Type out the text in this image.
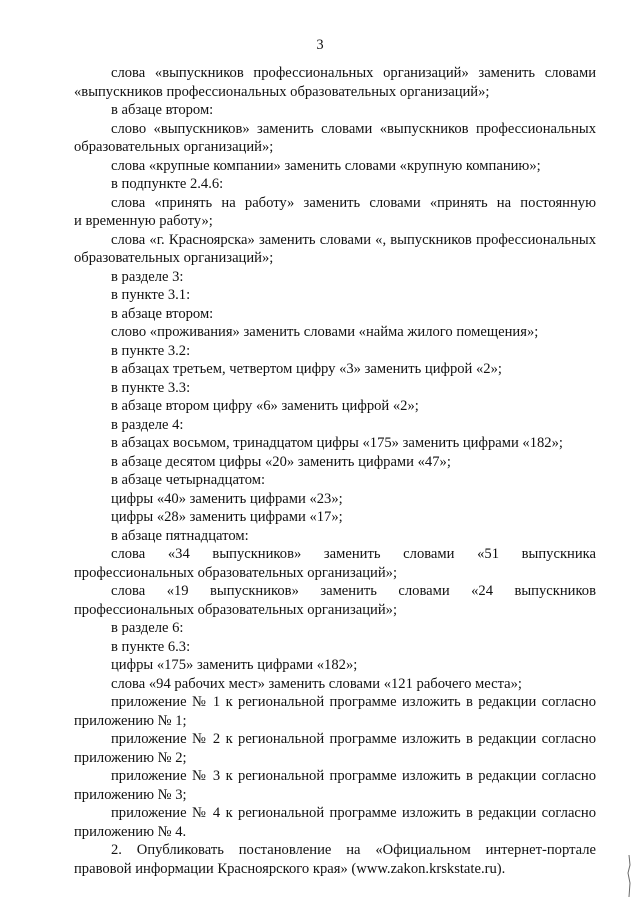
3

слова «выпускников профессиональных организаций» заменить словами
«выпускников профессиональных образовательных организаций»;

в абзаце втором:

слово «выпускников» заменить словами «выпускников профессиональных
образовательных организаций»;

слова «крупные компании» заменить словами «крупную компанию»;

в подпункте 2.4.6:

слова «принять на работу» заменить словами «принять на постоянную
и временную работу»;

слова «г. Красноярска» заменить словами «, выпускников профессиональных
образовательных организаций»;

в разделе 3:

в пункте 3.1:

в абзаце втором:

слово «проживания» заменить словами «найма жилого помещения»;

в пункте 3.2:

в абзацах третьем, четвертом цифру «3» заменить цифрой «2»;

в пункте 3.3:

в абзаце втором цифру «6» заменить цифрой «2»;

в разделе 4:

в абзацах восьмом, тринадцатом цифры «175» заменить цифрами «182»;

в абзаце десятом цифры «20» заменить цифрами «47»;

в абзаце четырнадцатом:

цифры «40» заменить цифрами «23»;

цифры «28» заменить цифрами «17»;

в абзаце пятнадцатом:

слова «34 выпускников» заменить словами «51 выпускника
профессиональных образовательных организаций»;

слова «19 выпускников» заменить словами «24 выпускников
профессиональных образовательных организаций»;

в разделе 6:

в пункте 6.3:

цифры «175» заменить цифрами «182»;

слова «94 рабочих мест» заменить словами «121 рабочего места»;

приложение № 1 к региональной программе изложить в редакции согласно
приложению № 1;

приложение № 2 к региональной программе изложить в редакции согласно
приложению № 2;

приложение № 3 к региональной программе изложить в редакции согласно
приложению № 3;

приложение № 4 к региональной программе изложить в редакции согласно
приложению № 4.

2. Опубликовать постановление на «Официальном интернет-портале
правовой информации Красноярского края» (www.zakon.krskstate.ru).
